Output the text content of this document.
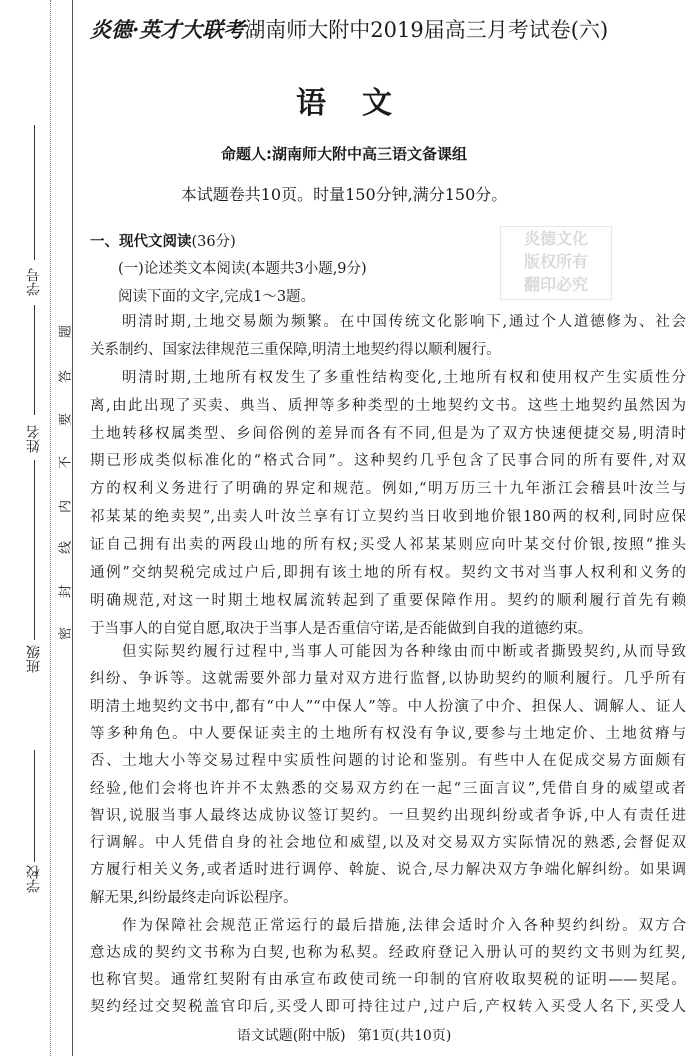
学号
姓名
班级
学校
题
答
要
不
内
线
封
密
炎德文化
版权所有
翻印必究
炎德·英才大联考湖南师大附中2019届高三月考试卷(六)
语 文
命题人:湖南师大附中高三语文备课组
本试题卷共10页。时量150分钟,满分150分。
一、现代文阅读(36分)
(一)论述类文本阅读(本题共3小题,9分)
阅读下面的文字,完成1～3题。
明清时期,土地交易颇为频繁。在中国传统文化影响下,通过个人道德修为、社会
关系制约、国家法律规范三重保障,明清土地契约得以顺利履行。
明清时期,土地所有权发生了多重性结构变化,土地所有权和使用权产生实质性分
离,由此出现了买卖、典当、质押等多种类型的土地契约文书。这些土地契约虽然因为
土地转移权属类型、乡间俗例的差异而各有不同,但是为了双方快速便捷交易,明清时
期已形成类似标准化的“格式合同”。这种契约几乎包含了民事合同的所有要件,对双
方的权利义务进行了明确的界定和规范。例如,“明万历三十九年浙江会稽县叶汝兰与
祁某某的绝卖契”,出卖人叶汝兰享有订立契约当日收到地价银180两的权利,同时应保
证自己拥有出卖的两段山地的所有权;买受人祁某某则应向叶某交付价银,按照“推头
通例”交纳契税完成过户后,即拥有该土地的所有权。契约文书对当事人权利和义务的
明确规范,对这一时期土地权属流转起到了重要保障作用。契约的顺利履行首先有赖
于当事人的自觉自愿,取决于当事人是否重信守诺,是否能做到自我的道德约束。
但实际契约履行过程中,当事人可能因为各种缘由而中断或者撕毁契约,从而导致
纠纷、争诉等。这就需要外部力量对双方进行监督,以协助契约的顺利履行。几乎所有
明清土地契约文书中,都有“中人”“中保人”等。中人扮演了中介、担保人、调解人、证人
等多种角色。中人要保证卖主的土地所有权没有争议,要参与土地定价、土地贫瘠与
否、土地大小等交易过程中实质性问题的讨论和鉴别。有些中人在促成交易方面颇有
经验,他们会将也许并不太熟悉的交易双方约在一起“三面言议”,凭借自身的威望或者
智识,说服当事人最终达成协议签订契约。一旦契约出现纠纷或者争诉,中人有责任进
行调解。中人凭借自身的社会地位和威望,以及对交易双方实际情况的熟悉,会督促双
方履行相关义务,或者适时进行调停、斡旋、说合,尽力解决双方争端化解纠纷。如果调
解无果,纠纷最终走向诉讼程序。
作为保障社会规范正常运行的最后措施,法律会适时介入各种契约纠纷。双方合
意达成的契约文书称为白契,也称为私契。经政府登记入册认可的契约文书则为红契,
也称官契。通常红契附有由承宣布政使司统一印制的官府收取契税的证明——契尾。
契约经过交契税盖官印后,买受人即可持往过户,过户后,产权转入买受人名下,买受人
语文试题(附中版) 第1页(共10页)
